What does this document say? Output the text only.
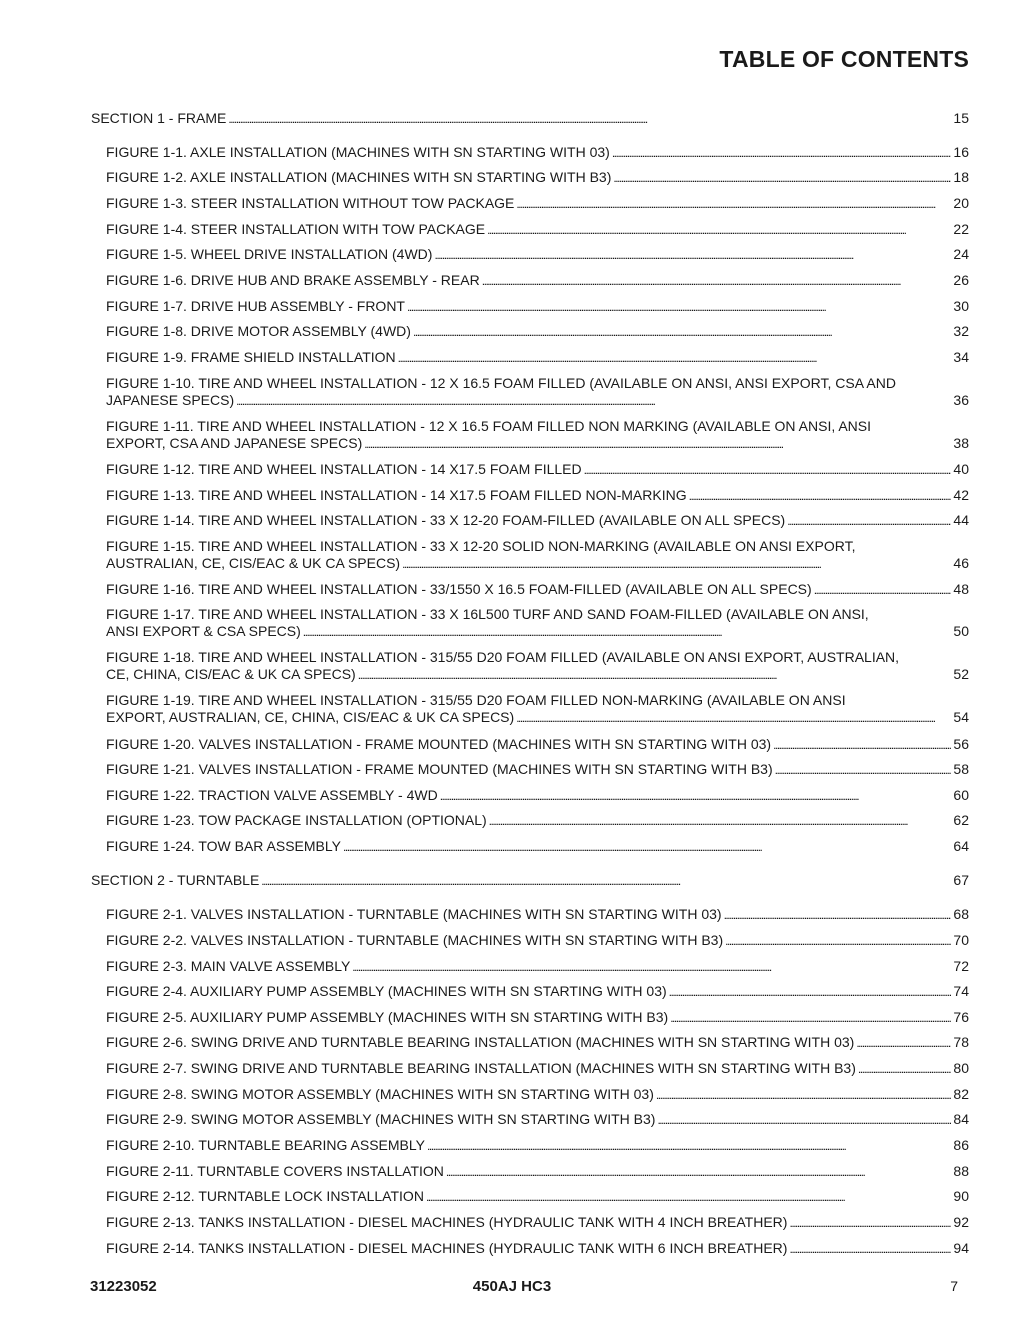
TABLE OF CONTENTS
SECTION 1 - FRAME . . .	15
FIGURE 1-1. AXLE INSTALLATION (MACHINES WITH SN STARTING WITH 03) . . .	16
FIGURE 1-2. AXLE INSTALLATION (MACHINES WITH SN STARTING WITH B3) . . .	18
FIGURE 1-3. STEER INSTALLATION WITHOUT TOW PACKAGE . . .	20
FIGURE 1-4. STEER INSTALLATION WITH TOW PACKAGE . . .	22
FIGURE 1-5. WHEEL DRIVE INSTALLATION (4WD) . . .	24
FIGURE 1-6. DRIVE HUB AND BRAKE ASSEMBLY - REAR . . .	26
FIGURE 1-7. DRIVE HUB ASSEMBLY - FRONT . . .	30
FIGURE 1-8. DRIVE MOTOR ASSEMBLY (4WD) . . .	32
FIGURE 1-9. FRAME SHIELD INSTALLATION . . .	34
FIGURE 1-10. TIRE AND WHEEL INSTALLATION - 12 X 16.5 FOAM FILLED (AVAILABLE ON ANSI, ANSI EXPORT, CSA AND
JAPANESE SPECS) . . .	36
FIGURE 1-11. TIRE AND WHEEL INSTALLATION - 12 X 16.5 FOAM FILLED NON MARKING (AVAILABLE ON ANSI, ANSI
EXPORT, CSA AND JAPANESE SPECS) . . .	38
FIGURE 1-12. TIRE AND WHEEL INSTALLATION - 14 X17.5 FOAM FILLED . . .	40
FIGURE 1-13. TIRE AND WHEEL INSTALLATION - 14 X17.5 FOAM FILLED NON-MARKING . . .	42
FIGURE 1-14. TIRE AND WHEEL INSTALLATION - 33 X 12-20 FOAM-FILLED (AVAILABLE ON ALL SPECS) . . .	44
FIGURE 1-15. TIRE AND WHEEL INSTALLATION - 33 X 12-20 SOLID NON-MARKING (AVAILABLE ON ANSI EXPORT,
AUSTRALIAN, CE, CIS/EAC & UK CA SPECS) . . .	46
FIGURE 1-16. TIRE AND WHEEL INSTALLATION - 33/1550 X 16.5 FOAM-FILLED (AVAILABLE ON ALL SPECS) . . .	48
FIGURE 1-17. TIRE AND WHEEL INSTALLATION - 33 X 16L500 TURF AND SAND FOAM-FILLED (AVAILABLE ON ANSI,
ANSI EXPORT & CSA SPECS) . . .	50
FIGURE 1-18. TIRE AND WHEEL INSTALLATION - 315/55 D20 FOAM FILLED (AVAILABLE ON ANSI EXPORT, AUSTRALIAN,
CE, CHINA, CIS/EAC & UK CA SPECS) . . .	52
FIGURE 1-19. TIRE AND WHEEL INSTALLATION - 315/55 D20 FOAM FILLED NON-MARKING (AVAILABLE ON ANSI
EXPORT, AUSTRALIAN, CE, CHINA, CIS/EAC & UK CA SPECS) . . .	54
FIGURE 1-20. VALVES INSTALLATION - FRAME MOUNTED (MACHINES WITH SN STARTING WITH 03) . . .	56
FIGURE 1-21. VALVES INSTALLATION - FRAME MOUNTED (MACHINES WITH SN STARTING WITH B3) . . .	58
FIGURE 1-22. TRACTION VALVE ASSEMBLY - 4WD . . .	60
FIGURE 1-23. TOW PACKAGE INSTALLATION (OPTIONAL) . . .	62
FIGURE 1-24. TOW BAR ASSEMBLY . . .	64
SECTION 2 - TURNTABLE . . .	67
FIGURE 2-1. VALVES INSTALLATION - TURNTABLE (MACHINES WITH SN STARTING WITH 03) . . .	68
FIGURE 2-2. VALVES INSTALLATION - TURNTABLE (MACHINES WITH SN STARTING WITH B3) . . .	70
FIGURE 2-3. MAIN VALVE ASSEMBLY . . .	72
FIGURE 2-4. AUXILIARY PUMP ASSEMBLY (MACHINES WITH SN STARTING WITH 03) . . .	74
FIGURE 2-5. AUXILIARY PUMP ASSEMBLY (MACHINES WITH SN STARTING WITH B3) . . .	76
FIGURE 2-6. SWING DRIVE AND TURNTABLE BEARING INSTALLATION (MACHINES WITH SN STARTING WITH 03) . . .	78
FIGURE 2-7. SWING DRIVE AND TURNTABLE BEARING INSTALLATION (MACHINES WITH SN STARTING WITH B3) . . .	80
FIGURE 2-8. SWING MOTOR ASSEMBLY (MACHINES WITH SN STARTING WITH 03) . . .	82
FIGURE 2-9. SWING MOTOR ASSEMBLY (MACHINES WITH SN STARTING WITH B3) . . .	84
FIGURE 2-10. TURNTABLE BEARING ASSEMBLY . . .	86
FIGURE 2-11. TURNTABLE COVERS INSTALLATION . . .	88
FIGURE 2-12. TURNTABLE LOCK INSTALLATION . . .	90
FIGURE 2-13. TANKS INSTALLATION - DIESEL MACHINES (HYDRAULIC TANK WITH 4 INCH BREATHER) . . .	92
FIGURE 2-14. TANKS INSTALLATION - DIESEL MACHINES (HYDRAULIC TANK WITH 6 INCH BREATHER) . . .	94
31223052	450AJ HC3	7
